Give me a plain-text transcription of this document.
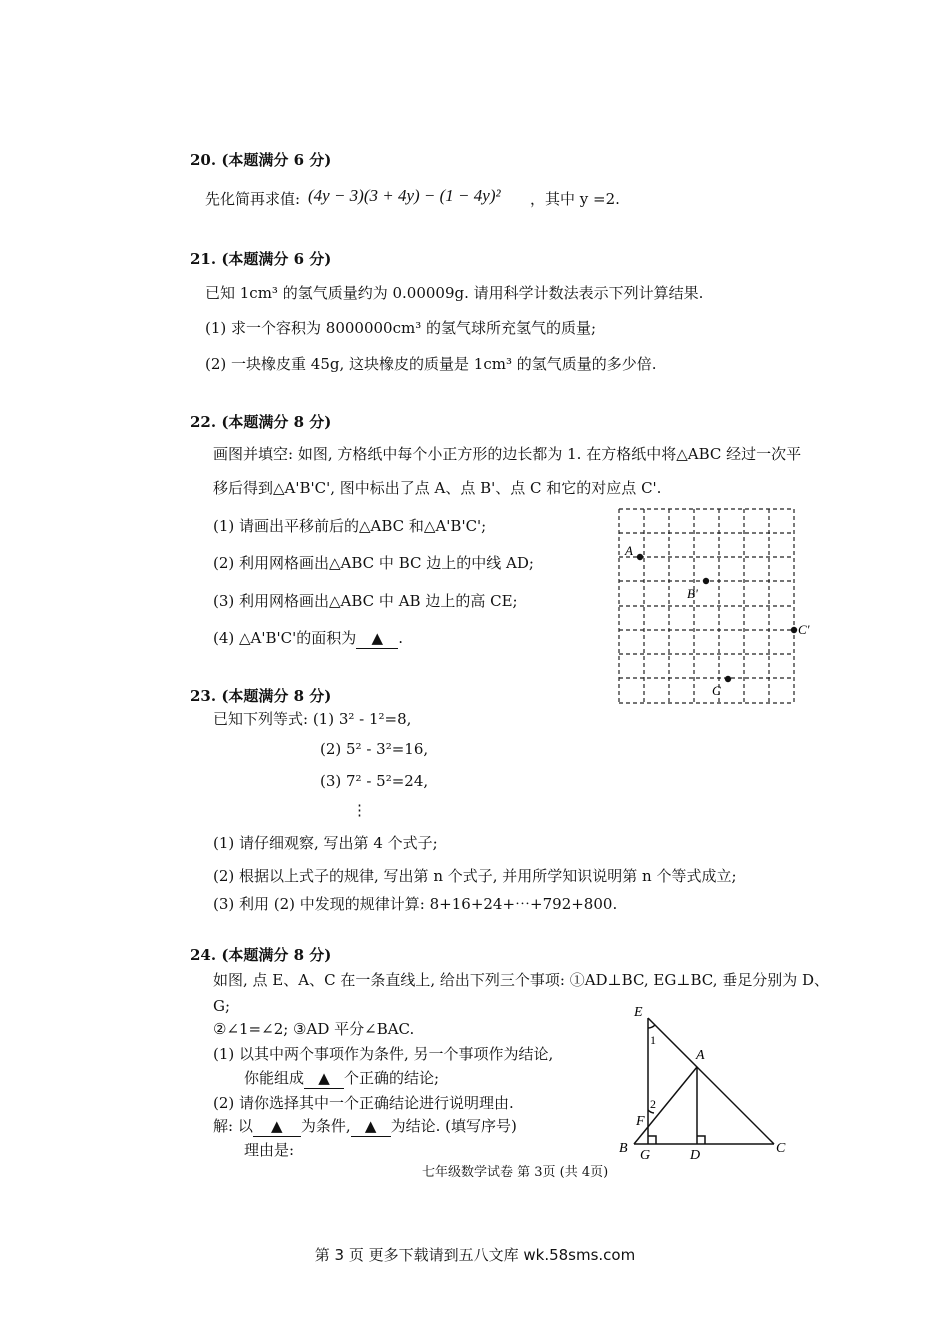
20. (本题满分 6 分)
先化简再求值: (4y − 3)(3 + 4y) − (1 − 4y)² ，其中 y =2.
21. (本题满分 6 分)
已知 1cm³ 的氢气质量约为 0.00009g. 请用科学计数法表示下列计算结果.
(1) 求一个容积为 8000000cm³ 的氢气球所充氢气的质量;
(2) 一块橡皮重 45g, 这块橡皮的质量是 1cm³ 的氢气质量的多少倍.
22. (本题满分 8 分)
画图并填空: 如图, 方格纸中每个小正方形的边长都为 1. 在方格纸中将△ABC 经过一次平
移后得到△A'B'C', 图中标出了点 A、点 B'、点 C 和它的对应点 C'.
(1) 请画出平移前后的△ABC 和△A'B'C';
(2) 利用网格画出△ABC 中 BC 边上的中线 AD;
(3) 利用网格画出△ABC 中 AB 边上的高 CE;
(4) △A'B'C'的面积为 ▲ .
A
B'
C'
C
23. (本题满分 8 分)
已知下列等式: (1) 3² - 1²=8,
(2) 5² - 3²=16,
(3) 7² - 5²=24,
⋮
(1) 请仔细观察, 写出第 4 个式子;
(2) 根据以上式子的规律, 写出第 n 个式子, 并用所学知识说明第 n 个等式成立;
(3) 利用 (2) 中发现的规律计算: 8+16+24+⋯+792+800.
24. (本题满分 8 分)
如图, 点 E、A、C 在一条直线上, 给出下列三个事项: ①AD⊥BC, EG⊥BC, 垂足分别为 D、
G;
②∠1=∠2; ③AD 平分∠BAC.
(1) 以其中两个事项作为条件, 另一个事项作为结论,
你能组成 ▲ 个正确的结论;
(2) 请你选择其中一个正确结论进行说明理由.
解: 以 ▲ 为条件, ▲ 为结论. (填写序号)
理由是:
E
A
F
B G	D	C
1
2
七年级数学试卷 第 3页 (共 4页)
第 3 页 更多下载请到五八文库 wk.58sms.com
